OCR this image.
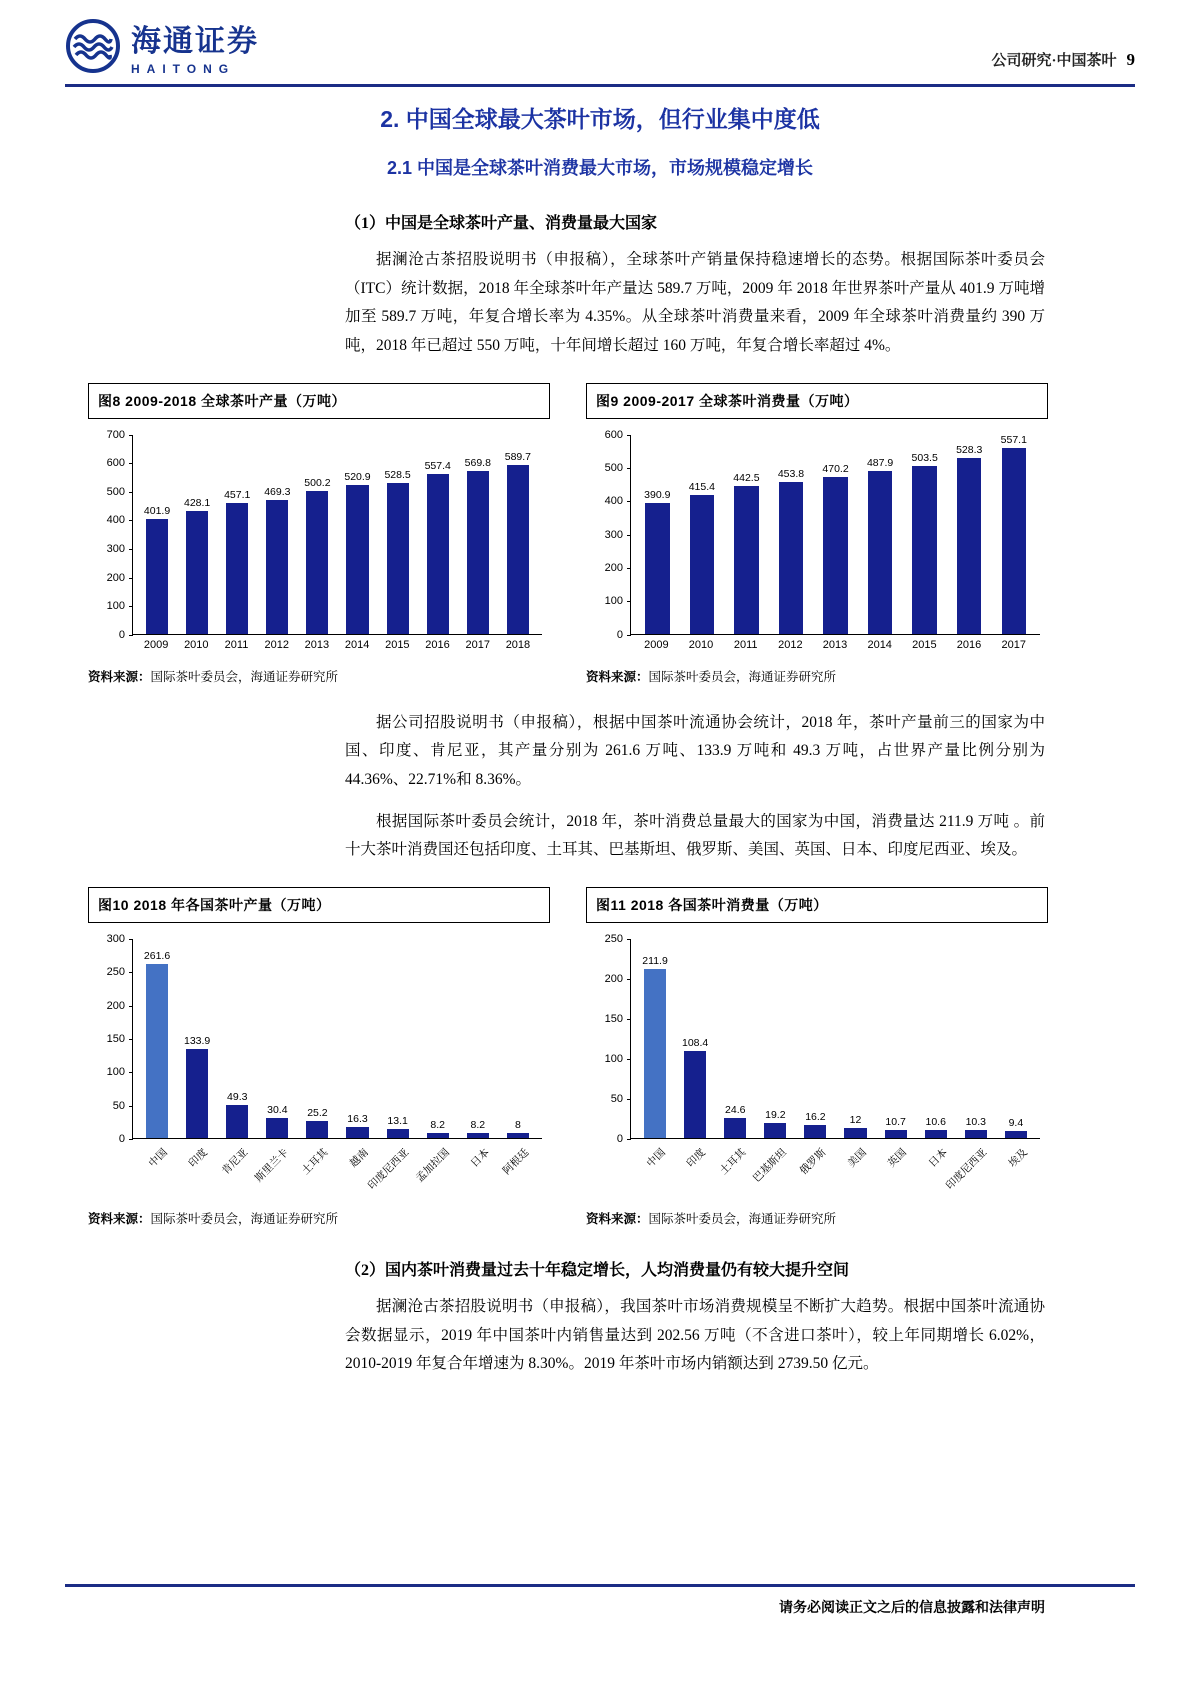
海通证券
HAITONG	公司研究·中国茶叶 9
2. 中国全球最大茶叶市场，但行业集中度低
2.1 中国是全球茶叶消费最大市场，市场规模稳定增长
（1）中国是全球茶叶产量、消费量最大国家

据澜沧古茶招股说明书（申报稿），全球茶叶产销量保持稳速增长的态势。根据国际茶叶委员会（ITC）统计数据，2018 年全球茶叶年产量达 589.7 万吨，2009 年 2018 年世界茶叶产量从 401.9 万吨增加至 589.7 万吨，年复合增长率为 4.35%。从全球茶叶消费量来看，2009 年全球茶叶消费量约 390 万吨，2018 年已超过 550 万吨，十年间增长超过 160 万吨，年复合增长率超过 4%。

图8 2009-2018 全球茶叶产量（万吨）
0
100
200
300
400
500
600
700
401.9
428.1
457.1 469.3
500.2 520.9 528.5
557.4 569.8 589.7
2009	2010	2011	2012	2013	2014	2015	2016	2017	2018
资料来源：国际茶叶委员会，海通证券研究所
图9 2009-2017 全球茶叶消费量（万吨）
0
100
200
300
400
500
600
390.9
415.4
442.5 453.8 470.2 487.9 503.5
528.3
557.1
2009	2010	2011	2012	2013	2014	2015	2016	2017
资料来源：国际茶叶委员会，海通证券研究所

据公司招股说明书（申报稿），根据中国茶叶流通协会统计，2018 年，茶叶产量前三的国家为中国、印度、肯尼亚，其产量分别为 261.6 万吨、133.9 万吨和 49.3 万吨，占世界产量比例分别为 44.36%、22.71%和 8.36%。

根据国际茶叶委员会统计，2018 年，茶叶消费总量最大的国家为中国，消费量达 211.9 万吨 。前十大茶叶消费国还包括印度、土耳其、巴基斯坦、俄罗斯、美国、英国、日本、印度尼西亚、埃及。

图10 2018 年各国茶叶产量（万吨）
0
50
100
150
200
250
300
261.6
133.9
49.3
30.4 25.2 16.3 13.1 8.2 8.2	8
中国 印度 肯尼亚 斯里兰卡 土耳其 越南
印度尼西亚 孟加拉国 日本 阿根廷
资料来源：国际茶叶委员会，海通证券研究所
图11 2018 各国茶叶消费量（万吨）
0
50
100
150
200
250
211.9
108.4
24.6 19.2 16.2 12 10.7 10.6 10.3 9.4
中国 印度 土耳其 巴基斯坦 俄罗斯 美国 英国 日本
印度尼西亚 埃及
资料来源：国际茶叶委员会，海通证券研究所
（2）国内茶叶消费量过去十年稳定增长，人均消费量仍有较大提升空间

据澜沧古茶招股说明书（申报稿），我国茶叶市场消费规模呈不断扩大趋势。根据中国茶叶流通协会数据显示，2019 年中国茶叶内销售量达到 202.56 万吨（不含进口茶叶），较上年同期增长 6.02%，2010-2019 年复合年增速为 8.30%。2019 年茶叶市场内销额达到 2739.50 亿元。

请务必阅读正文之后的信息披露和法律声明
